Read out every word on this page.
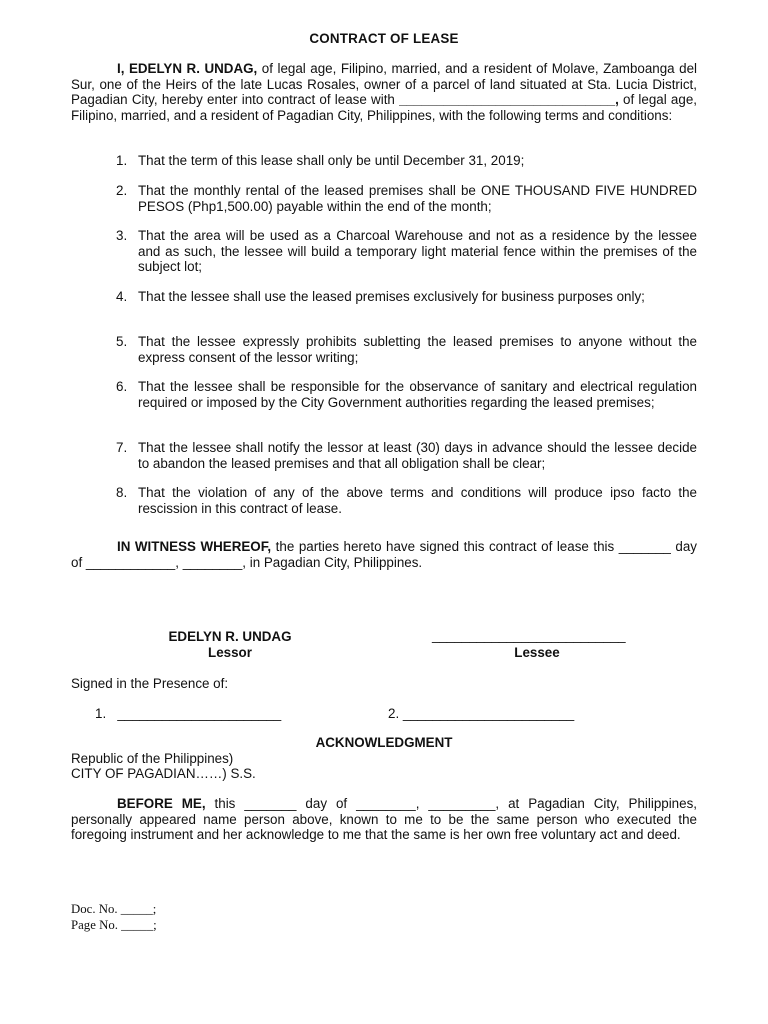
CONTRACT OF LEASE
I, EDELYN R. UNDAG, of legal age, Filipino, married, and a resident of Molave, Zamboanga del Sur, one of the Heirs of the late Lucas Rosales, owner of a parcel of land situated at Sta. Lucia District, Pagadian City, hereby enter into contract of lease with _____________________________, of legal age, Filipino, married, and a resident of Pagadian City, Philippines, with the following terms and conditions:
1. That the term of this lease shall only be until December 31, 2019;
2. That the monthly rental of the leased premises shall be ONE THOUSAND FIVE HUNDRED PESOS (Php1,500.00) payable within the end of the month;
3. That the area will be used as a Charcoal Warehouse and not as a residence by the lessee and as such, the lessee will build a temporary light material fence within the premises of the subject lot;
4. That the lessee shall use the leased premises exclusively for business purposes only;
5. That the lessee expressly prohibits subletting the leased premises to anyone without the express consent of the lessor writing;
6. That the lessee shall be responsible for the observance of sanitary and electrical regulation required or imposed by the City Government authorities regarding the leased premises;
7. That the lessee shall notify the lessor at least (30) days in advance should the lessee decide to abandon the leased premises and that all obligation shall be clear;
8. That the violation of any of the above terms and conditions will produce ipso facto the rescission in this contract of lease.
IN WITNESS WHEREOF, the parties hereto have signed this contract of lease this _______ day of ____________, ________, in Pagadian City, Philippines.
EDELYN R. UNDAG
Lessor
__________________________
Lessee
Signed in the Presence of:
1.   ______________________	2. _______________________
ACKNOWLEDGMENT
Republic of the Philippines)
CITY OF PAGADIAN……) S.S.
BEFORE ME, this _______ day of ________, _________, at Pagadian City, Philippines, personally appeared name person above, known to me to be the same person who executed the foregoing instrument and her acknowledge to me that the same is her own free voluntary act and deed.
Doc. No. _____;
Page No. _____;
